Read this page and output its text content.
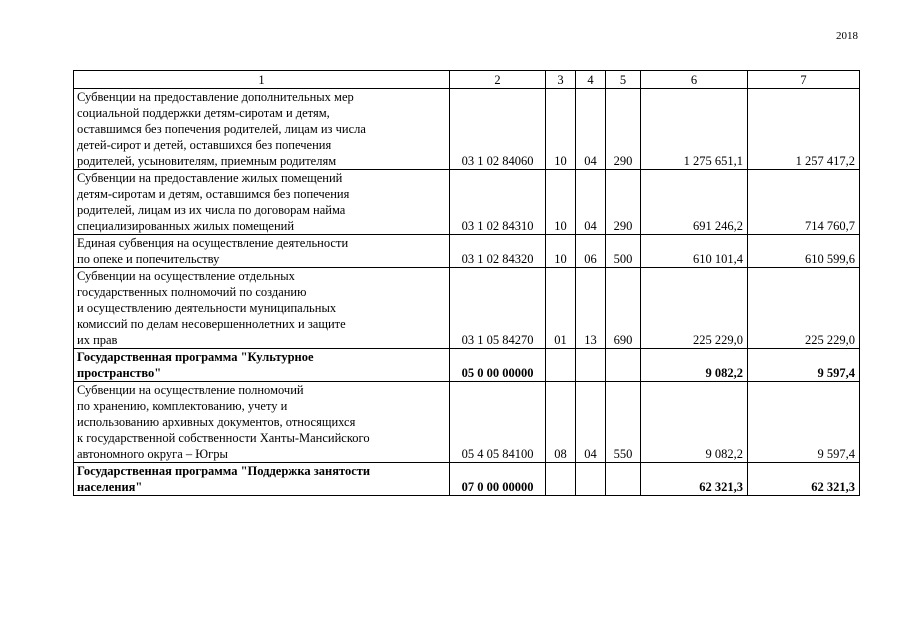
2018
1	2	3	4	5	6	7
Субвенции на предоставление дополнительных мер
социальной поддержки детям-сиротам и детям,
оставшимся без попечения родителей, лицам из числа
детей-сирот и детей, оставшихся без попечения
родителей, усыновителям, приемным родителям	03 1 02 84060	10	04	290	1 275 651,1	1 257 417,2
Субвенции на предоставление жилых помещений
детям-сиротам и детям, оставшимся без попечения
родителей, лицам из их числа по договорам найма
специализированных жилых помещений	03 1 02 84310	10	04	290	691 246,2	714 760,7
Единая субвенция на осуществление деятельности
по опеке и попечительству	03 1 02 84320	10	06	500	610 101,4	610 599,6
Субвенции на осуществление отдельных
государственных полномочий по созданию
и осуществлению деятельности муниципальных
комиссий по делам несовершеннолетних и защите
их прав	03 1 05 84270	01	13	690	225 229,0	225 229,0
Государственная программа "Культурное
пространство"	05 0 00 00000				9 082,2	9 597,4
Субвенции на осуществление полномочий
по хранению, комплектованию, учету и
использованию архивных документов, относящихся
к государственной собственности Ханты-Мансийского
автономного округа – Югры	05 4 05 84100	08	04	550	9 082,2	9 597,4
Государственная программа "Поддержка занятости
населения"	07 0 00 00000				62 321,3	62 321,3
